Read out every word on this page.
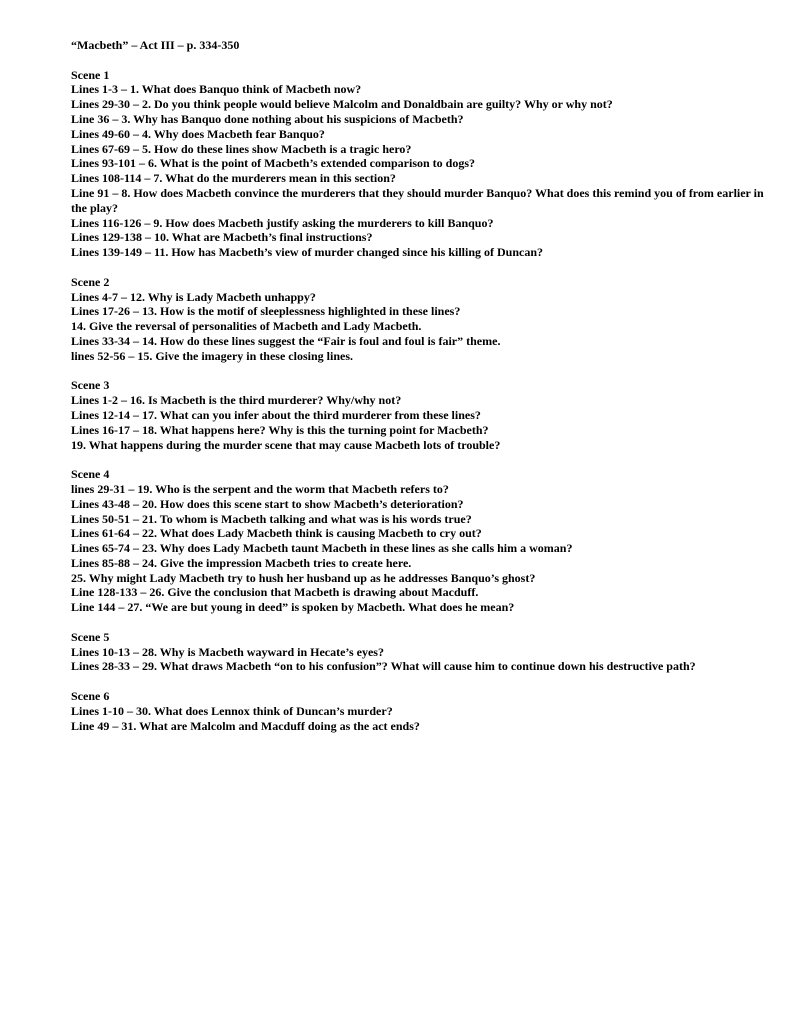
“Macbeth” – Act III – p. 334-350

Scene 1

Lines 1-3 – 1. What does Banquo think of Macbeth now?

Lines 29-30 – 2. Do you think people would believe Malcolm and Donaldbain are guilty? Why or why not?

Line 36 – 3. Why has Banquo done nothing about his suspicions of Macbeth?

Lines 49-60 – 4. Why does Macbeth fear Banquo?

Lines 67-69 – 5. How do these lines show Macbeth is a tragic hero?

Lines 93-101 – 6. What is the point of Macbeth’s extended comparison to dogs?

Lines 108-114 – 7. What do the murderers mean in this section?

Line 91 – 8. How does Macbeth convince the murderers that they should murder Banquo? What does this remind you of from earlier in the play?

Lines 116-126 – 9. How does Macbeth justify asking the murderers to kill Banquo?

Lines 129-138 – 10. What are Macbeth’s final instructions?

Lines 139-149 – 11. How has Macbeth’s view of murder changed since his killing of Duncan?

Scene 2

Lines 4-7 – 12. Why is Lady Macbeth unhappy?

Lines 17-26 – 13. How is the motif of sleeplessness highlighted in these lines?

14. Give the reversal of personalities of Macbeth and Lady Macbeth.

Lines 33-34 – 14. How do these lines suggest the “Fair is foul and foul is fair” theme.

lines 52-56 – 15. Give the imagery in these closing lines.

Scene 3

Lines 1-2 – 16. Is Macbeth is the third murderer? Why/why not?

Lines 12-14 – 17. What can you infer about the third murderer from these lines?

Lines 16-17 – 18. What happens here? Why is this the turning point for Macbeth?

19. What happens during the murder scene that may cause Macbeth lots of trouble?

Scene 4

lines 29-31 – 19. Who is the serpent and the worm that Macbeth refers to?

Lines 43-48 – 20. How does this scene start to show Macbeth’s deterioration?

Lines 50-51 – 21. To whom is Macbeth talking and what was is his words true?

Lines 61-64 – 22. What does Lady Macbeth think is causing Macbeth to cry out?

Lines 65-74 – 23. Why does Lady Macbeth taunt Macbeth in these lines as she calls him a woman?

Lines 85-88 – 24. Give the impression Macbeth tries to create here.

25. Why might Lady Macbeth try to hush her husband up as he addresses Banquo’s ghost?

Line 128-133 – 26. Give the conclusion that Macbeth is drawing about Macduff.

Line 144 – 27. “We are but young in deed” is spoken by Macbeth. What does he mean?

Scene 5

Lines 10-13 – 28. Why is Macbeth wayward in Hecate’s eyes?

Lines 28-33 – 29. What draws Macbeth “on to his confusion”? What will cause him to continue down his destructive path?

Scene 6

Lines 1-10 – 30. What does Lennox think of Duncan’s murder?

Line 49 – 31. What are Malcolm and Macduff doing as the act ends?
